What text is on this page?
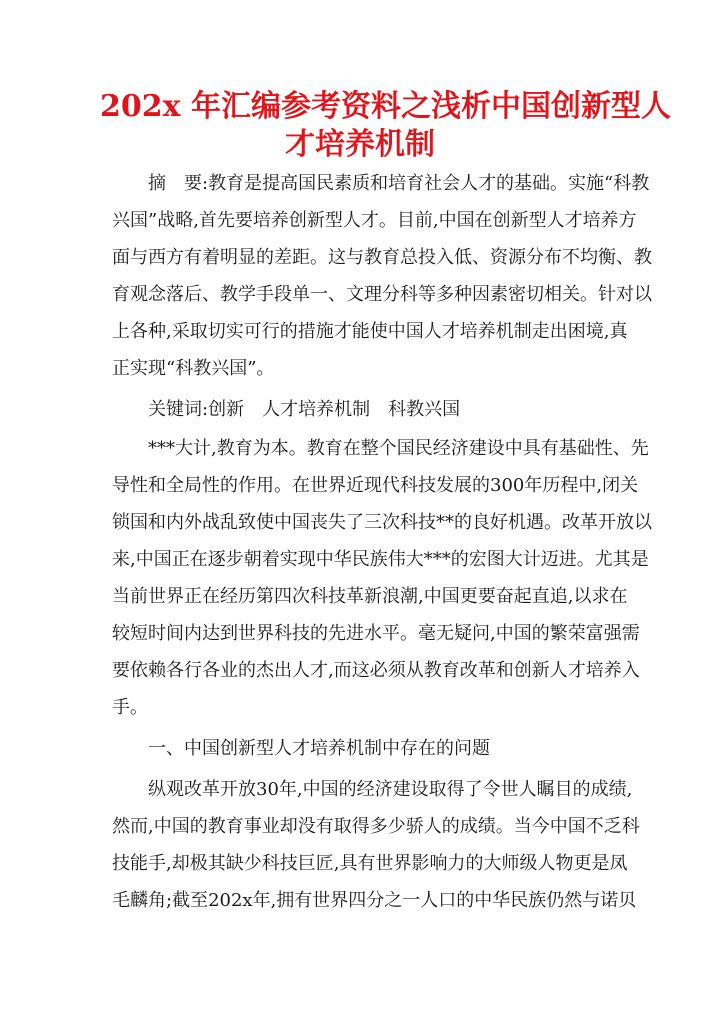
202x 年汇编参考资料之浅析中国创新型人
才培养机制
摘　要:教育是提高国民素质和培育社会人才的基础。实施“科教
兴国”战略,首先要培养创新型人才。目前,中国在创新型人才培养方
面与西方有着明显的差距。这与教育总投入低、资源分布不均衡、教
育观念落后、教学手段单一、文理分科等多种因素密切相关。针对以
上各种,采取切实可行的措施才能使中国人才培养机制走出困境,真
正实现“科教兴国”。
关键词:创新　人才培养机制　科教兴国
***大计,教育为本。教育在整个国民经济建设中具有基础性、先
导性和全局性的作用。在世界近现代科技发展的300年历程中,闭关
锁国和内外战乱致使中国丧失了三次科技**的良好机遇。改革开放以
来,中国正在逐步朝着实现中华民族伟大***的宏图大计迈进。尤其是
当前世界正在经历第四次科技革新浪潮,中国更要奋起直追,以求在
较短时间内达到世界科技的先进水平。毫无疑问,中国的繁荣富强需
要依赖各行各业的杰出人才,而这必须从教育改革和创新人才培养入
手。
一、中国创新型人才培养机制中存在的问题
纵观改革开放30年,中国的经济建设取得了令世人瞩目的成绩,
然而,中国的教育事业却没有取得多少骄人的成绩。当今中国不乏科
技能手,却极其缺少科技巨匠,具有世界影响力的大师级人物更是凤
毛麟角;截至202x年,拥有世界四分之一人口的中华民族仍然与诺贝
